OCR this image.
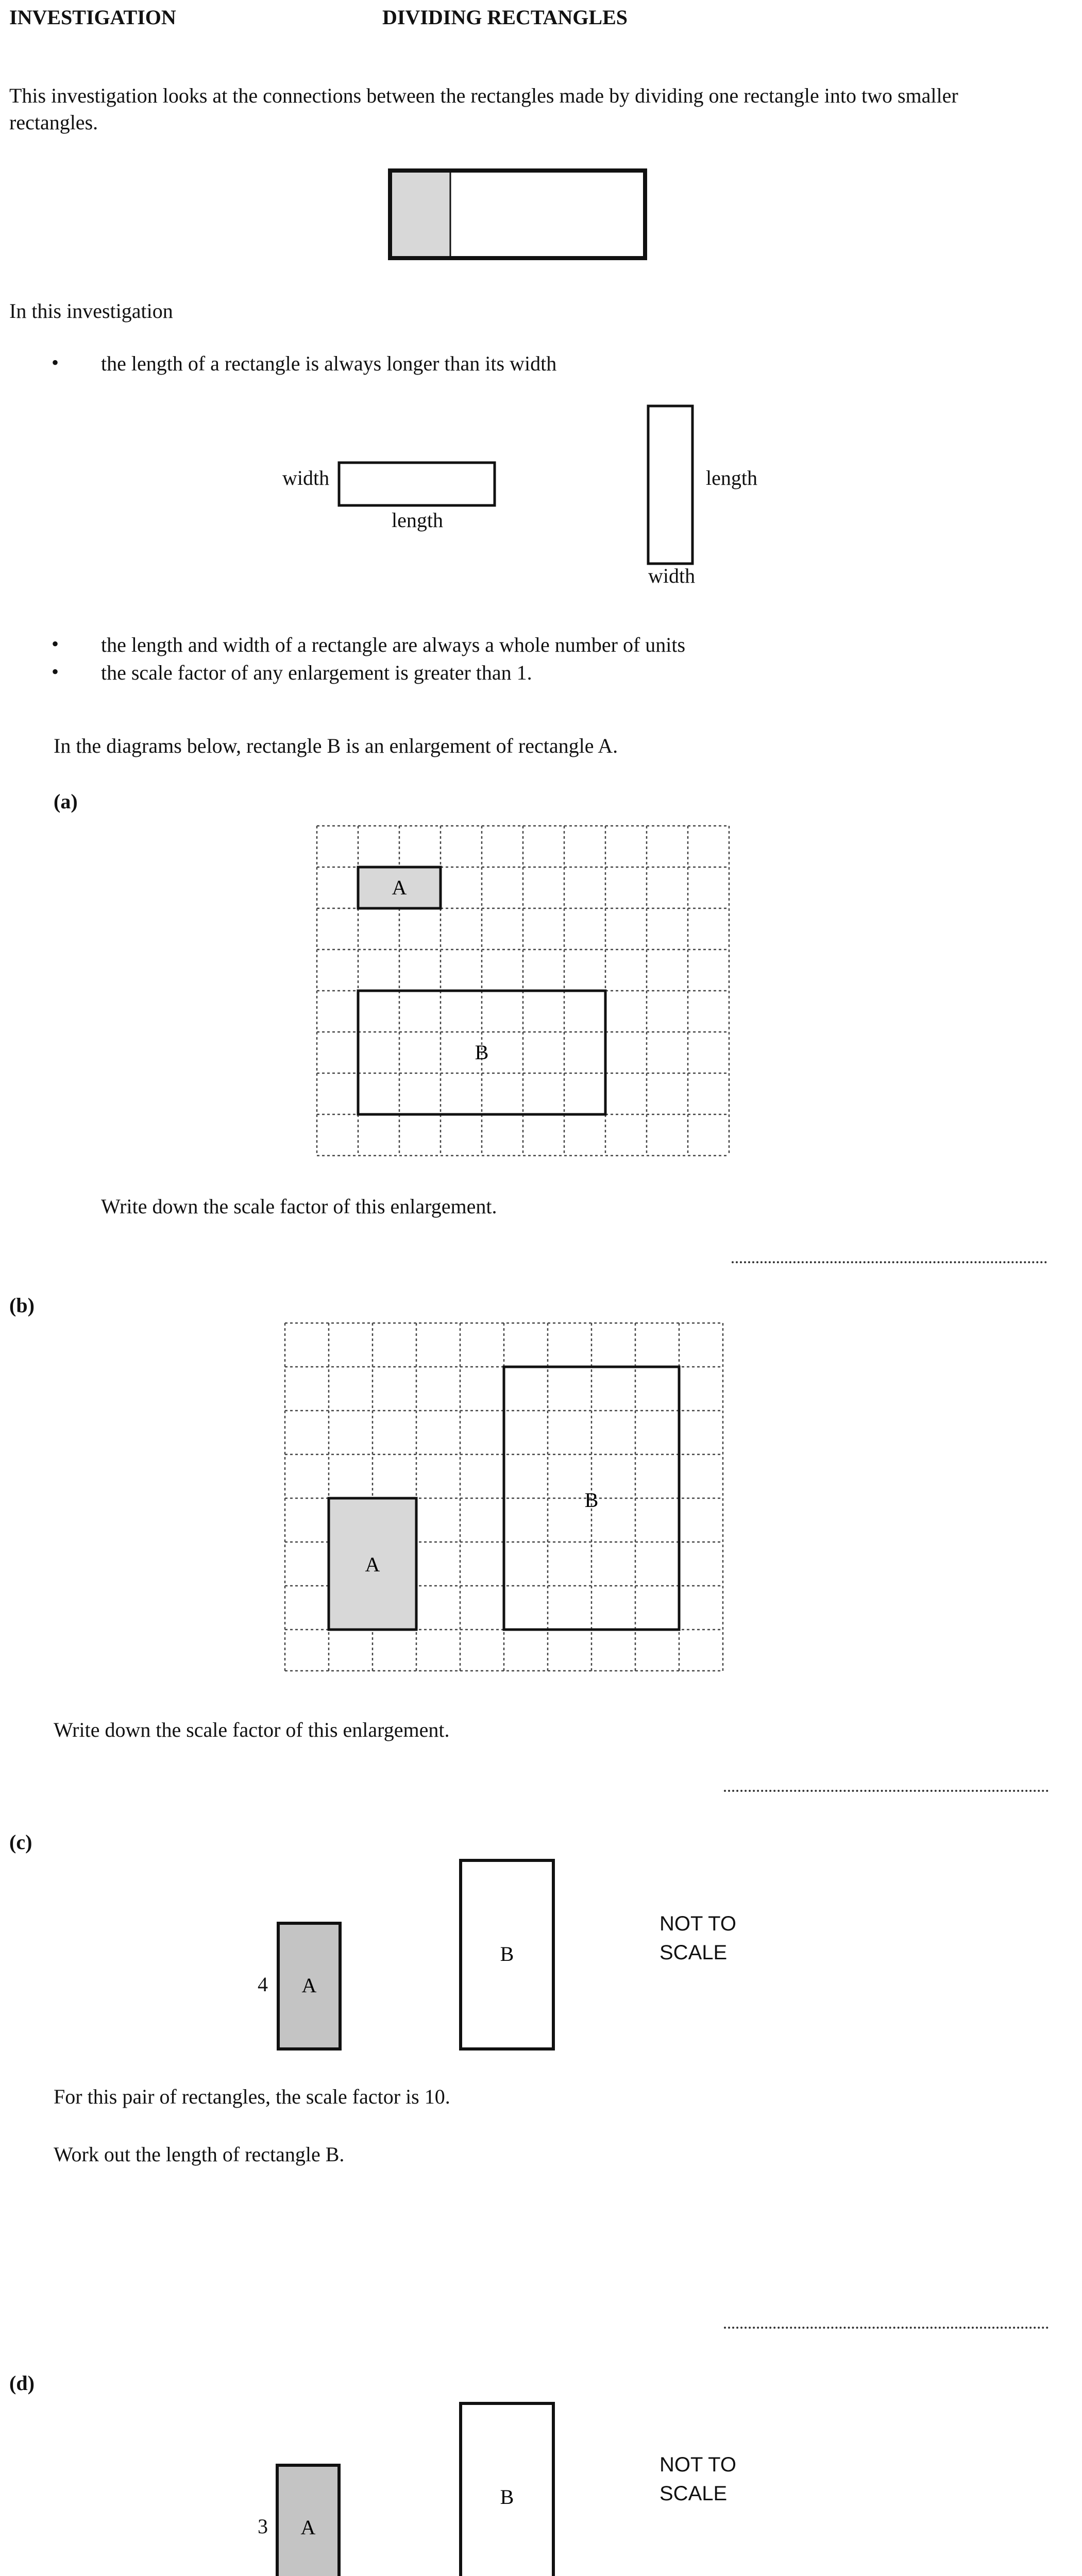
INVESTIGATION	DIVIDING RECTANGLES
This investigation looks at the connections between the rectangles made by dividing one rectangle into two smaller rectangles.
In this investigation
• the length of a rectangle is always longer than its width
width
length
length
width
• the length and width of a rectangle are always a whole number of units
• the scale factor of any enlargement is greater than 1.
In the diagrams below, rectangle B is an enlargement of rectangle A.
(a)
A
B
Write down the scale factor of this enlargement.
(b)
A
B
Write down the scale factor of this enlargement.
(c)
4 A
B
NOT TO
SCALE
For this pair of rectangles, the scale factor is 10.
Work out the length of rectangle B.
(d)
3 A
B
NOT TO
SCALE
